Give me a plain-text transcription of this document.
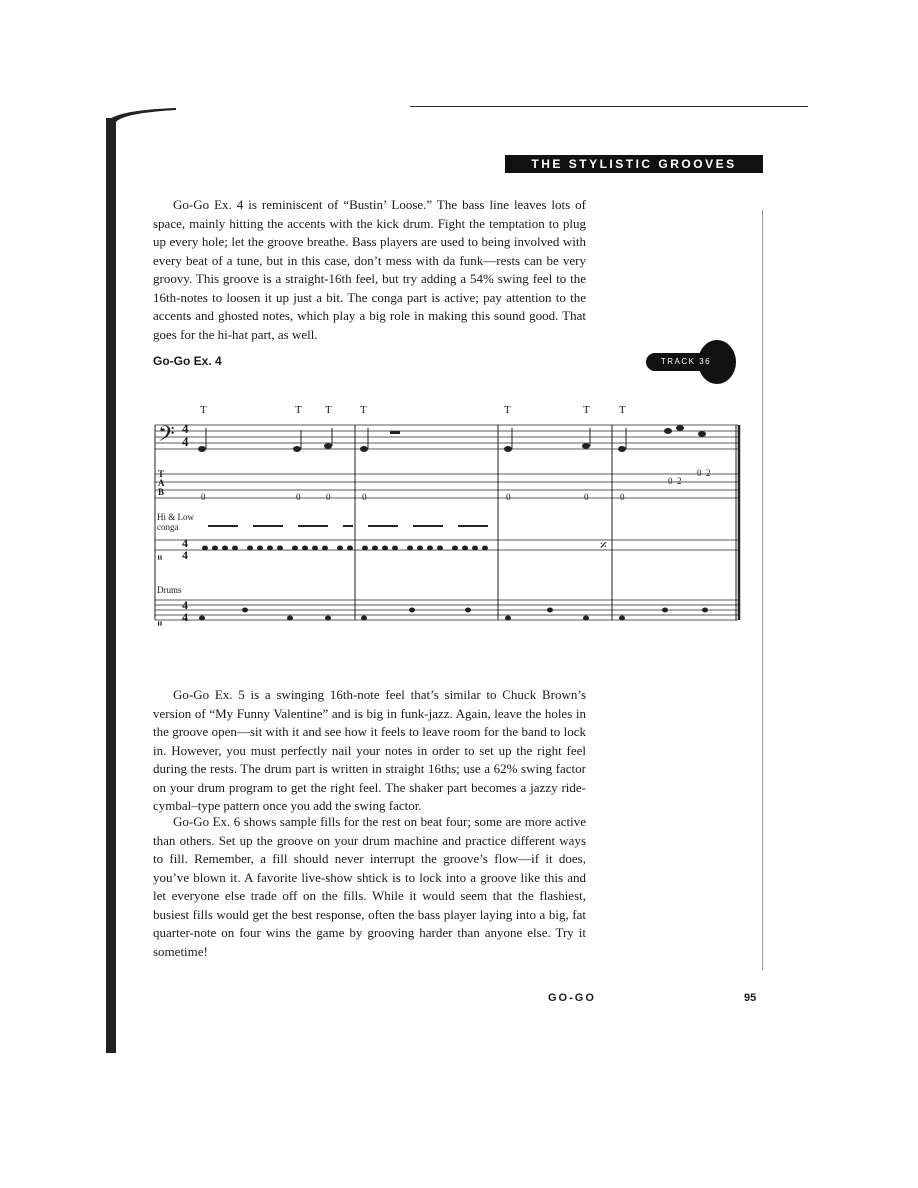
THE STYLISTIC GROOVES

Go-Go Ex. 4 is reminiscent of “Bustin’ Loose.” The bass line leaves lots of space, mainly hitting the accents with the kick drum. Fight the temptation to plug up every hole; let the groove breathe. Bass players are used to being involved with every beat of a tune, but in this case, don’t mess with da funk—rests can be very groovy. This groove is a straight-16th feel, but try adding a 54% swing feel to the 16th-notes to loosen it up just a bit. The conga part is active; pay attention to the accents and ghosted notes, which play a big role in making this sound good. That goes for the hi-hat part, as well.

Go-Go Ex. 4	TRACK 36
𝄢
𝄥
𝄥
𝄎
T	T T	T	T	T	T
4
4
T
A
B	0	0	0	0	0	0	0
0 2
0 2
Hi & Low conga
4
4
Drums
4
4

Go-Go Ex. 5 is a swinging 16th-note feel that’s similar to Chuck Brown’s version of “My Funny Valentine” and is big in funk-jazz. Again, leave the holes in the groove open—sit with it and see how it feels to leave room for the band to lock in. However, you must perfectly nail your notes in order to set up the right feel during the rests. The drum part is written in straight 16ths; use a 62% swing factor on your drum program to get the right feel. The shaker part becomes a jazzy ride-cymbal–type pattern once you add the swing factor.

Go-Go Ex. 6 shows sample fills for the rest on beat four; some are more active than others. Set up the groove on your drum machine and practice different ways to fill. Remember, a fill should never interrupt the groove’s flow—if it does, you’ve blown it. A favorite live-show shtick is to lock into a groove like this and let everyone else trade off on the fills. While it would seem that the flashiest, busiest fills would get the best response, often the bass player laying into a big, fat quarter-note on four wins the game by grooving harder than anyone else. Try it sometime!

GO-GO	95
